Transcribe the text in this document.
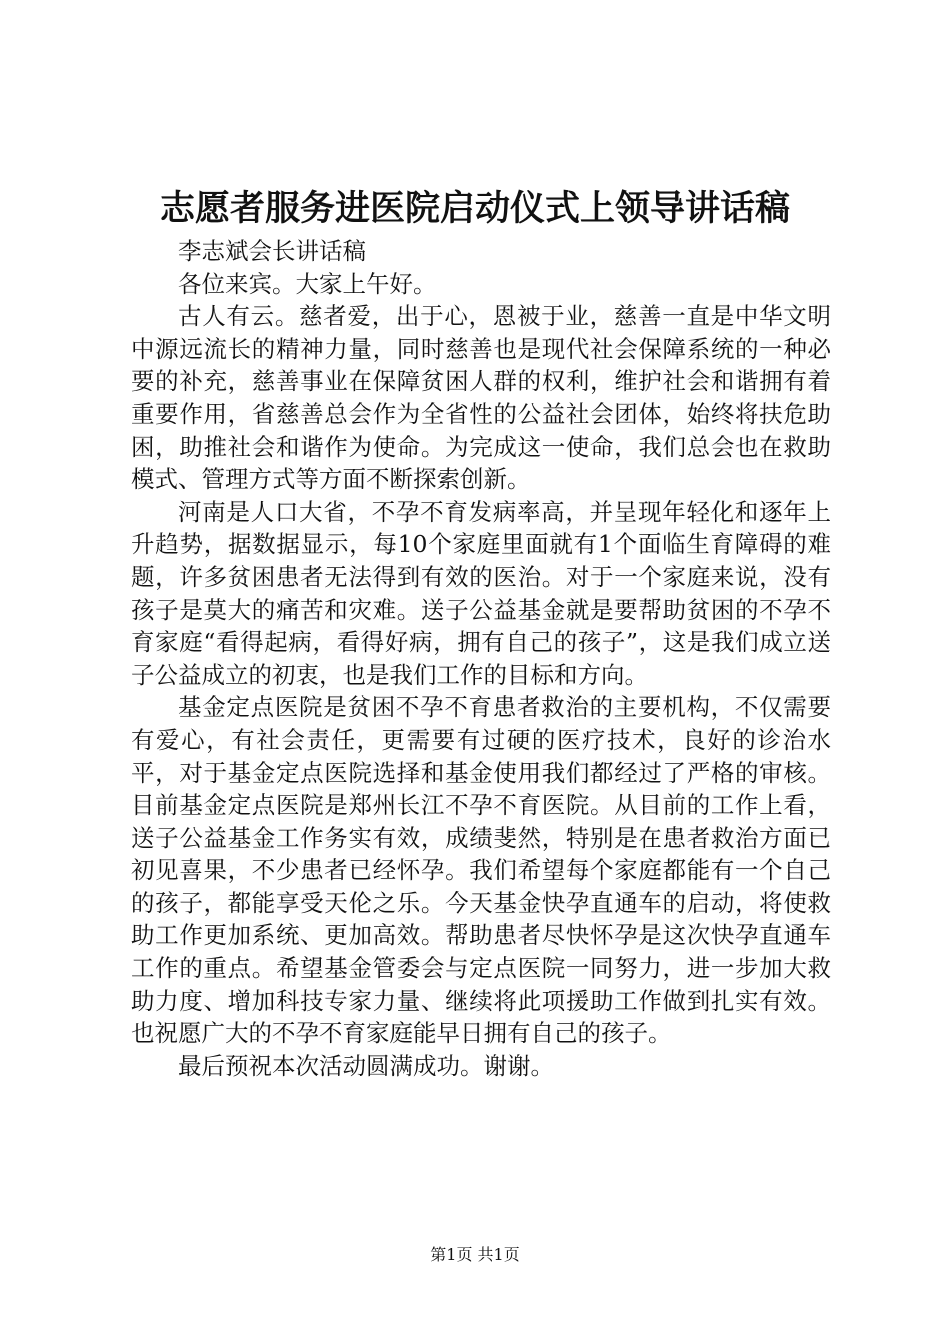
志愿者服务进医院启动仪式上领导讲话稿

李志斌会长讲话稿

各位来宾。大家上午好。

古人有云。慈者爱，出于心，恩被于业，慈善一直是中华文明中源远流长的精神力量，同时慈善也是现代社会保障系统的一种必要的补充，慈善事业在保障贫困人群的权利，维护社会和谐拥有着重要作用，省慈善总会作为全省性的公益社会团体，始终将扶危助困，助推社会和谐作为使命。为完成这一使命，我们总会也在救助模式、管理方式等方面不断探索创新。

河南是人口大省，不孕不育发病率高，并呈现年轻化和逐年上升趋势，据数据显示，每10个家庭里面就有1个面临生育障碍的难题，许多贫困患者无法得到有效的医治。对于一个家庭来说，没有孩子是莫大的痛苦和灾难。送子公益基金就是要帮助贫困的不孕不育家庭“看得起病，看得好病，拥有自己的孩子”，这是我们成立送子公益成立的初衷，也是我们工作的目标和方向。

基金定点医院是贫困不孕不育患者救治的主要机构，不仅需要有爱心，有社会责任，更需要有过硬的医疗技术，良好的诊治水平，对于基金定点医院选择和基金使用我们都经过了严格的审核。目前基金定点医院是郑州长江不孕不育医院。从目前的工作上看，送子公益基金工作务实有效，成绩斐然，特别是在患者救治方面已初见喜果，不少患者已经怀孕。我们希望每个家庭都能有一个自己的孩子，都能享受天伦之乐。今天基金快孕直通车的启动，将使救助工作更加系统、更加高效。帮助患者尽快怀孕是这次快孕直通车工作的重点。希望基金管委会与定点医院一同努力，进一步加大救助力度、增加科技专家力量、继续将此项援助工作做到扎实有效。也祝愿广大的不孕不育家庭能早日拥有自己的孩子。

最后预祝本次活动圆满成功。谢谢。

第1页 共1页
